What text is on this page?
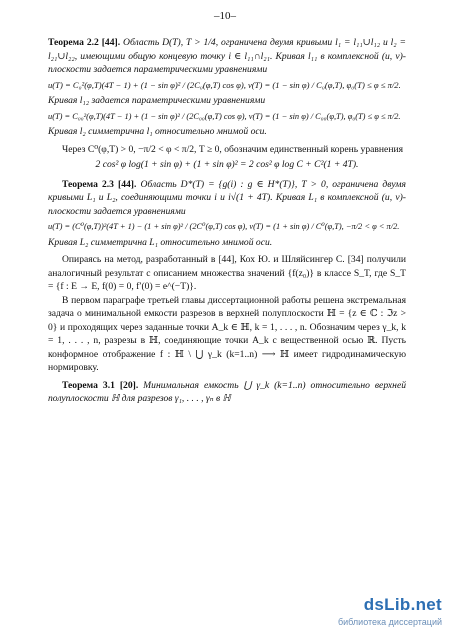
–10–

Теорема 2.2 [44]. Область D(T), T > 1/4, ограничена двумя кривыми l₁ = l₁₁∪l₁₂ и l₂ = l₂₁∪l₂₂, имеющими общую концевую точку i ∈ l₁₁∩l₂₁. Кривая l₁₁ в комплексной (u, v)-плоскости задается параметрическими уравнениями

u(T) = C₀²(φ,T)(4T − 1) + (1 − sin φ)² / (2C₀(φ,T) cos φ), v(T) = (1 − sin φ) / C₀(φ,T), φ₀(T) ≤ φ ≤ π/2.

Кривая l₁₂ задается параметрическими уравнениями

u(T) = C₀₀²(φ,T)(4T − 1) + (1 − sin φ)² / (2C₀₀(φ,T) cos φ), v(T) = (1 − sin φ) / C₀₀(φ,T), φ₀(T) ≤ φ ≤ π/2.

Кривая l₂ симметрична l₁ относительно мнимой оси.

Через C⁰(φ,T) > 0, −π/2 < φ < π/2, T ≥ 0, обозначим единственный корень уравнения

2 cos² φ log(1 + sin φ) + (1 + sin φ)² = 2 cos² φ log C + C²(1 + 4T).

Теорема 2.3 [44]. Область D*(T) = {g(i) : g ∈ H*(T)}, T > 0, ограничена двумя кривыми L₁ и L₂, соединяющими точки i и i√(1 + 4T). Кривая L₁ в комплексной (u, v)-плоскости задается уравнениями

u(T) = (C⁰(φ,T))²(4T + 1) − (1 + sin φ)² / (2C⁰(φ,T) cos φ), v(T) = (1 + sin φ) / C⁰(φ,T), −π/2 < φ < π/2.

Кривая L₂ симметрична L₁ относительно мнимой оси.

Опираясь на метод, разработанный в [44], Кох Ю. и Шляйсингер С. [34] получили аналогичный результат с описанием множества значений {f(z₀)} в классе S_T, где S_T = {f : E → E, f(0) = 0, f′(0) = e^(−T)}.

В первом параграфе третьей главы диссертационной работы решена экстремальная задача о минимальной емкости разрезов в верхней полуплоскости ℍ = {z ∈ ℂ : ℑz > 0} и проходящих через заданные точки A_k ∈ ℍ, k = 1, . . . , n. Обозначим через γ_k, k = 1, . . . , n, разрезы в ℍ, соединяющие точки A_k с вещественной осью ℝ. Пусть конформное отображение f : ℍ \ ⋃ γ_k (k=1..n) ⟶ ℍ имеет гидродинамическую нормировку.

Теорема 3.1 [20]. Минимальная емкость ⋃ γ_k (k=1..n) относительно верхней полуплоскости ℍ для разрезов γ₁, . . . , γₙ в ℍ

dsLib.net
библиотека диссертаций
